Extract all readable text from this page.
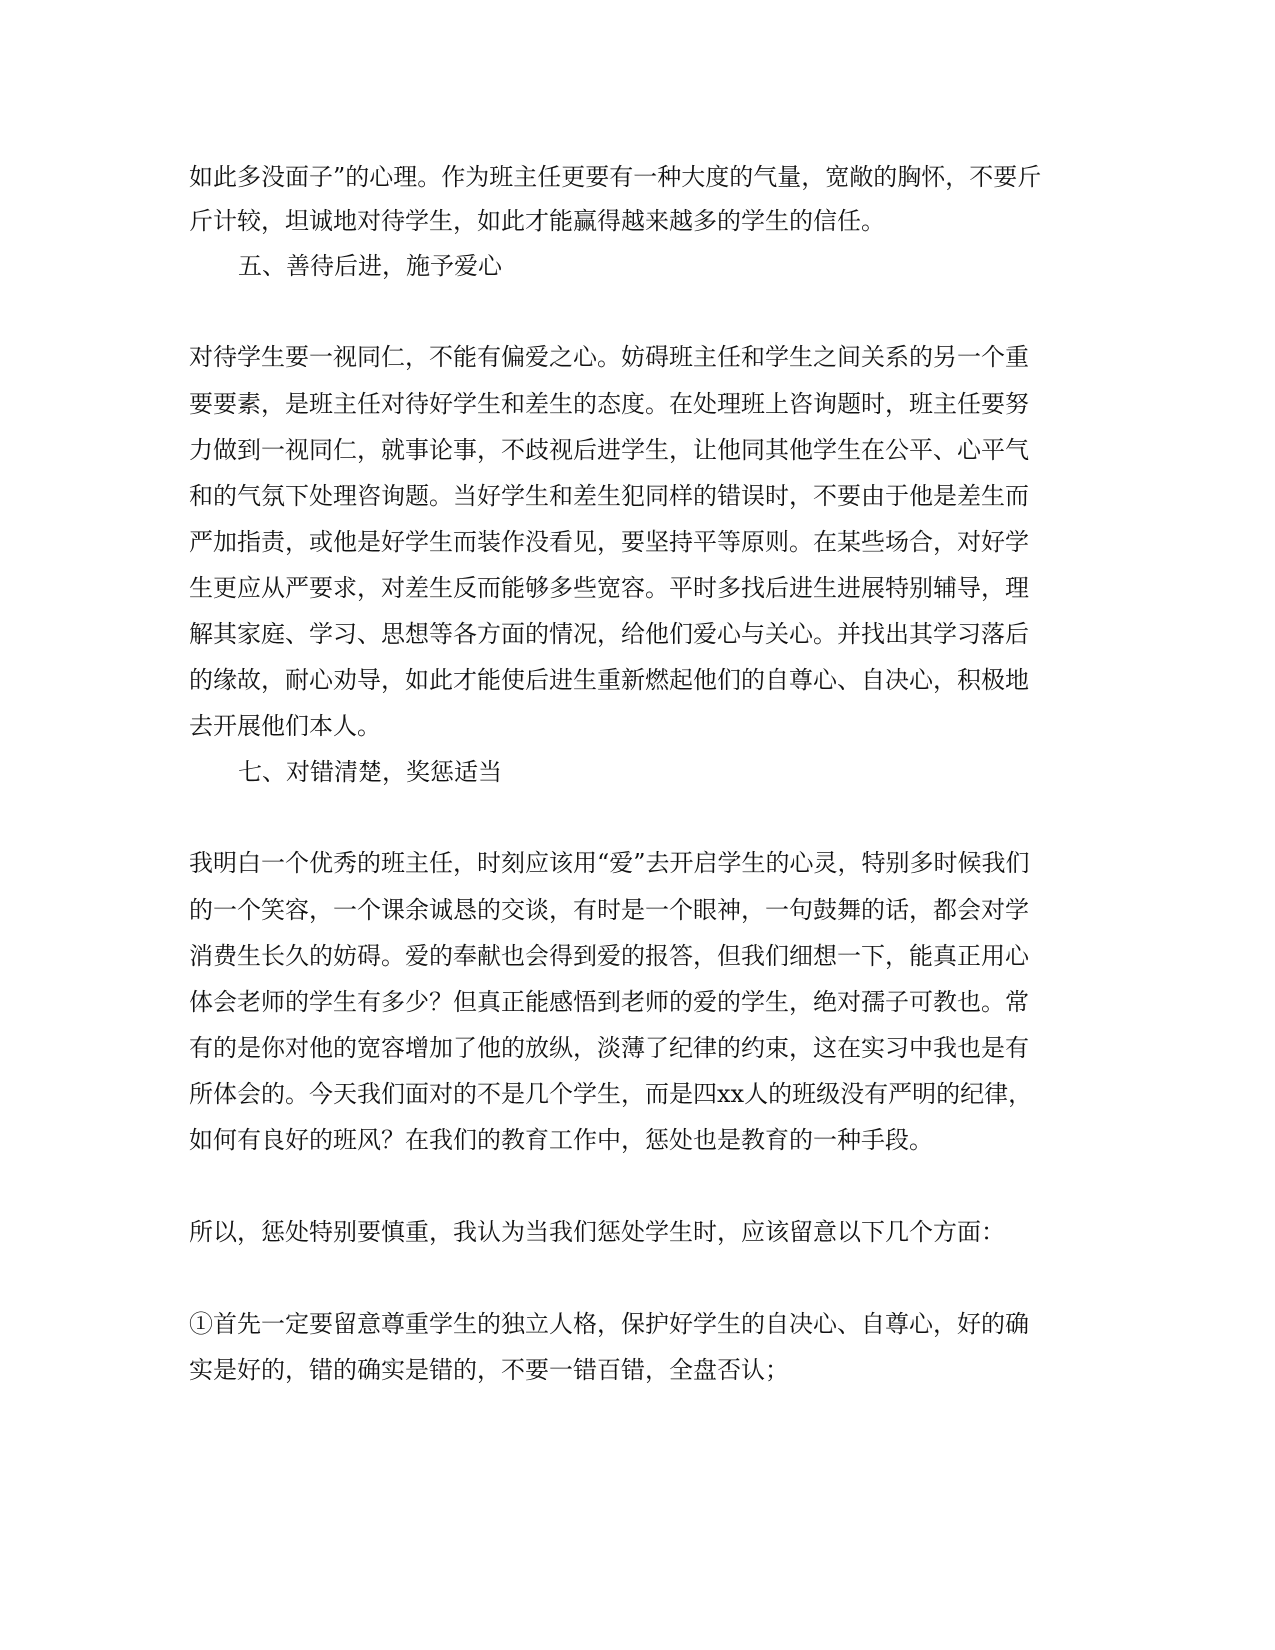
如此多没面子”的心理。作为班主任更要有一种大度的气量，宽敞的胸怀，不要斤
斤计较，坦诚地对待学生，如此才能赢得越来越多的学生的信任。
五、善待后进，施予爱心
对待学生要一视同仁，不能有偏爱之心。妨碍班主任和学生之间关系的另一个重
要要素，是班主任对待好学生和差生的态度。在处理班上咨询题时，班主任要努
力做到一视同仁，就事论事，不歧视后进学生，让他同其他学生在公平、心平气
和的气氛下处理咨询题。当好学生和差生犯同样的错误时，不要由于他是差生而
严加指责，或他是好学生而装作没看见，要坚持平等原则。在某些场合，对好学
生更应从严要求，对差生反而能够多些宽容。平时多找后进生进展特别辅导，理
解其家庭、学习、思想等各方面的情况，给他们爱心与关心。并找出其学习落后
的缘故，耐心劝导，如此才能使后进生重新燃起他们的自尊心、自决心，积极地
去开展他们本人。
七、对错清楚，奖惩适当
我明白一个优秀的班主任，时刻应该用“爱”去开启学生的心灵，特别多时候我们
的一个笑容，一个课余诚恳的交谈，有时是一个眼神，一句鼓舞的话，都会对学
消费生长久的妨碍。爱的奉献也会得到爱的报答，但我们细想一下，能真正用心
体会老师的学生有多少？但真正能感悟到老师的爱的学生，绝对孺子可教也。常
有的是你对他的宽容增加了他的放纵，淡薄了纪律的约束，这在实习中我也是有
所体会的。今天我们面对的不是几个学生，而是四xx人的班级没有严明的纪律，
如何有良好的班风？在我们的教育工作中，惩处也是教育的一种手段。
所以，惩处特别要慎重，我认为当我们惩处学生时，应该留意以下几个方面：
①首先一定要留意尊重学生的独立人格，保护好学生的自决心、自尊心，好的确
实是好的，错的确实是错的，不要一错百错，全盘否认；
